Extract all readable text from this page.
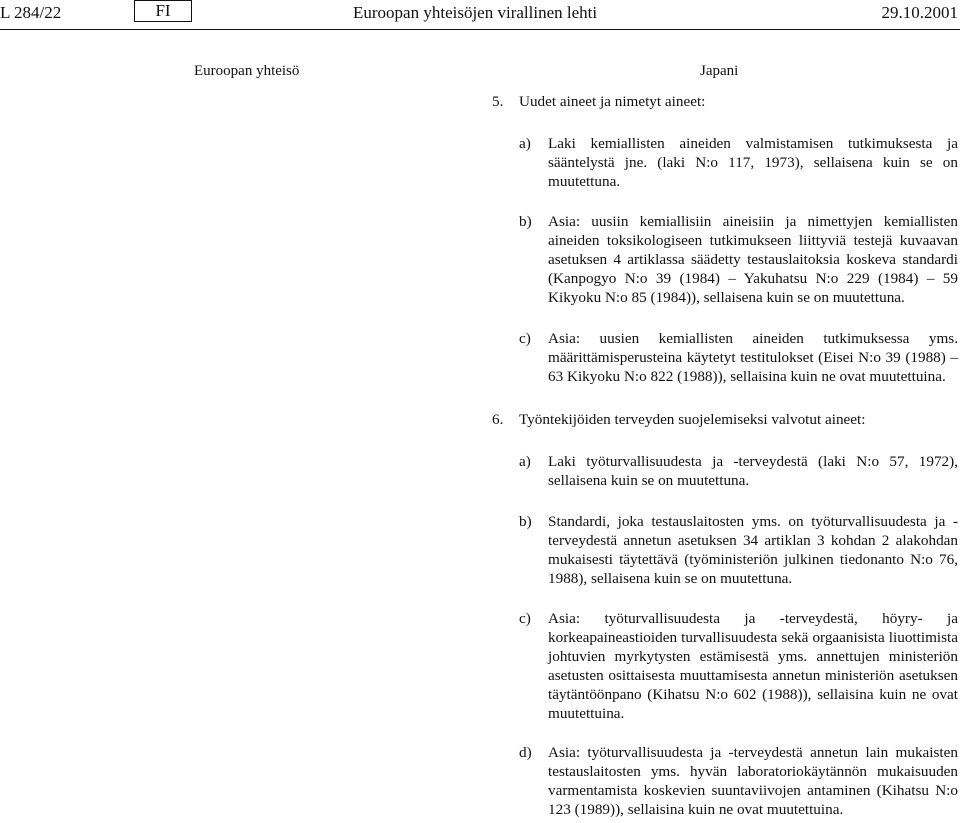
L 284/22	FI	Euroopan yhteisöjen virallinen lehti	29.10.2001
Euroopan yhteisö	Japani
5. Uudet aineet ja nimetyt aineet:
a) Laki kemiallisten aineiden valmistamisen tutkimuksesta ja sääntelystä jne. (laki N:o 117, 1973), sellaisena kuin se on muutettuna.
b) Asia: uusiin kemiallisiin aineisiin ja nimettyjen kemiallisten aineiden toksikologiseen tutkimukseen liittyviä testejä kuvaavan asetuksen 4 artiklassa säädetty testauslaitoksia koskeva standardi (Kanpogyo N:o 39 (1984) – Yakuhatsu N:o 229 (1984) – 59 Kikyoku N:o 85 (1984)), sellaisena kuin se on muutettuna.
c) Asia: uusien kemiallisten aineiden tutkimuksessa yms. määrittämisperusteina käytetyt testitulokset (Eisei N:o 39 (1988) – 63 Kikyoku N:o 822 (1988)), sellaisina kuin ne ovat muutettuina.
6. Työntekijöiden terveyden suojelemiseksi valvotut aineet:
a) Laki työturvallisuudesta ja -terveydestä (laki N:o 57, 1972), sellaisena kuin se on muutettuna.
b) Standardi, joka testauslaitosten yms. on työturvallisuudesta ja -terveydestä annetun asetuksen 34 artiklan 3 kohdan 2 alakohdan mukaisesti täytettävä (työministeriön julkinen tiedonanto N:o 76, 1988), sellaisena kuin se on muutettuna.
c) Asia: työturvallisuudesta ja -terveydestä, höyry- ja korkeapaineastioiden turvallisuudesta sekä orgaanisista liuottimista johtuvien myrkytysten estämisestä yms. annettujen ministeriön asetusten osittaisesta muuttamisesta annetun ministeriön asetuksen täytäntöönpano (Kihatsu N:o 602 (1988)), sellaisina kuin ne ovat muutettuina.
d) Asia: työturvallisuudesta ja -terveydestä annetun lain mukaisten testauslaitosten yms. hyvän laboratoriokäytännön mukaisuuden varmentamista koskevien suuntaviivojen antaminen (Kihatsu N:o 123 (1989)), sellaisina kuin ne ovat muutettuina.
